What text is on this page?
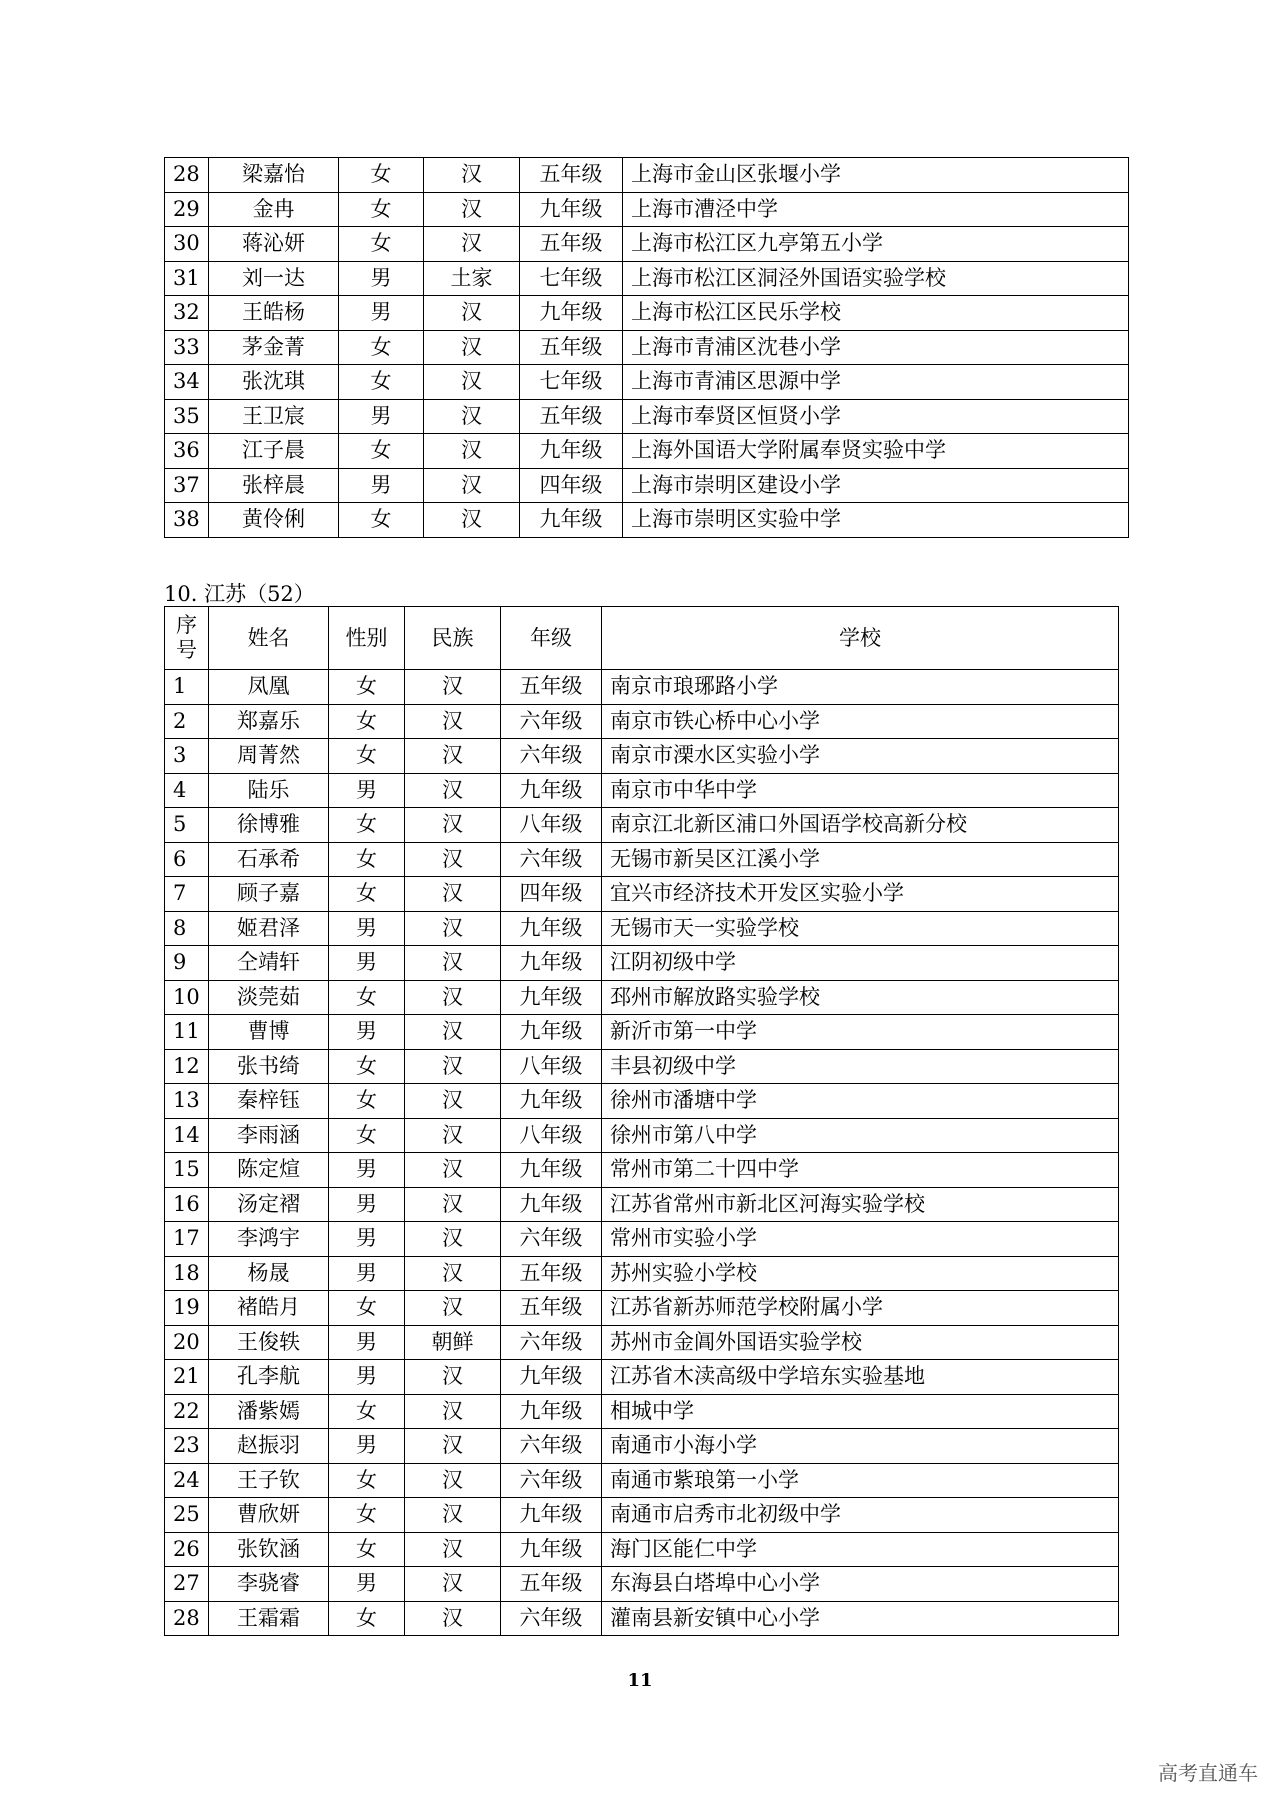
28	梁嘉怡	女	汉	五年级	上海市金山区张堰小学
29	金冉	女	汉	九年级	上海市漕泾中学
30	蒋沁妍	女	汉	五年级	上海市松江区九亭第五小学
31	刘一达	男	土家	七年级	上海市松江区洞泾外国语实验学校
32	王皓杨	男	汉	九年级	上海市松江区民乐学校
33	茅金菁	女	汉	五年级	上海市青浦区沈巷小学
34	张沈琪	女	汉	七年级	上海市青浦区思源中学
35	王卫宸	男	汉	五年级	上海市奉贤区恒贤小学
36	江子晨	女	汉	九年级	上海外国语大学附属奉贤实验中学
37	张梓晨	男	汉	四年级	上海市崇明区建设小学
38	黄伶俐	女	汉	九年级	上海市崇明区实验中学
10. 江苏（52）
序
号	姓名	性别	民族	年级	学校
1	凤凰	女	汉	五年级	南京市琅琊路小学
2	郑嘉乐	女	汉	六年级	南京市铁心桥中心小学
3	周菁然	女	汉	六年级	南京市溧水区实验小学
4	陆乐	男	汉	九年级	南京市中华中学
5	徐博雅	女	汉	八年级	南京江北新区浦口外国语学校高新分校
6	石承希	女	汉	六年级	无锡市新吴区江溪小学
7	顾子嘉	女	汉	四年级	宜兴市经济技术开发区实验小学
8	姬君泽	男	汉	九年级	无锡市天一实验学校
9	仝靖轩	男	汉	九年级	江阴初级中学
10	淡莞茹	女	汉	九年级	邳州市解放路实验学校
11	曹博	男	汉	九年级	新沂市第一中学
12	张书绮	女	汉	八年级	丰县初级中学
13	秦梓钰	女	汉	九年级	徐州市潘塘中学
14	李雨涵	女	汉	八年级	徐州市第八中学
15	陈定煊	男	汉	九年级	常州市第二十四中学
16	汤定褶	男	汉	九年级	江苏省常州市新北区河海实验学校
17	李鸿宇	男	汉	六年级	常州市实验小学
18	杨晟	男	汉	五年级	苏州实验小学校
19	褚皓月	女	汉	五年级	江苏省新苏师范学校附属小学
20	王俊轶	男	朝鲜	六年级	苏州市金阊外国语实验学校
21	孔李航	男	汉	九年级	江苏省木渎高级中学培东实验基地
22	潘紫嫣	女	汉	九年级	相城中学
23	赵振羽	男	汉	六年级	南通市小海小学
24	王子钦	女	汉	六年级	南通市紫琅第一小学
25	曹欣妍	女	汉	九年级	南通市启秀市北初级中学
26	张钦涵	女	汉	九年级	海门区能仁中学
27	李骁睿	男	汉	五年级	东海县白塔埠中心小学
28	王霜霜	女	汉	六年级	灌南县新安镇中心小学
11
高考直通车
